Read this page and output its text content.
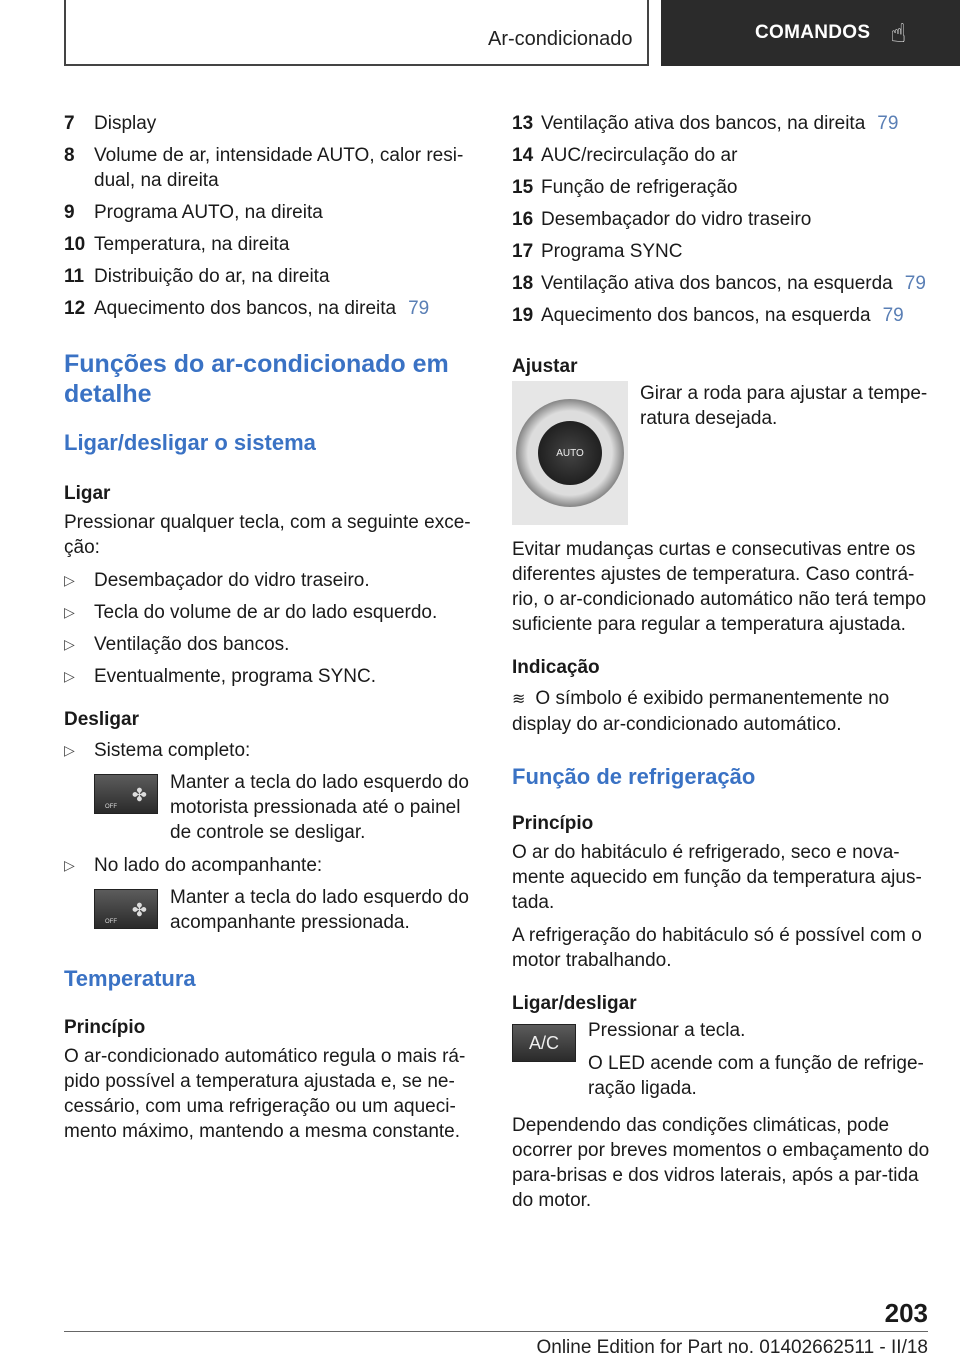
Ar-condicionado	COMANDOS ☝
7	Display
8	Volume de ar, intensidade AUTO, calor resi-dual, na direita
9	Programa AUTO, na direita
10 Temperatura, na direita
11 Distribuição do ar, na direita
12 Aquecimento dos bancos, na direita 79
Funções do ar-condicionado em detalhe
Ligar/desligar o sistema
Ligar
Pressionar qualquer tecla, com a seguinte exce-ção:
▷	Desembaçador do vidro traseiro.
▷	Tecla do volume de ar do lado esquerdo.
▷	Ventilação dos bancos.
▷	Eventualmente, programa SYNC.
Desligar
▷	Sistema completo:
OFF
✤
Manter a tecla do lado esquerdo do motorista pressionada até o painel de controle se desligar.
▷	No lado do acompanhante:
OFF
✤
Manter a tecla do lado esquerdo do acompanhante pressionada.
Temperatura
Princípio
O ar-condicionado automático regula o mais rá-pido possível a temperatura ajustada e, se ne-cessário, com uma refrigeração ou um aqueci-mento máximo, mantendo a mesma constante.
13 Ventilação ativa dos bancos, na direita 79
14 AUC/recirculação do ar
15 Função de refrigeração
16 Desembaçador do vidro traseiro
17 Programa SYNC
18 Ventilação ativa dos bancos, na esquerda 79
19 Aquecimento dos bancos, na esquerda 79
Ajustar
AUTO
Girar a roda para ajustar a tempe-ratura desejada.
Evitar mudanças curtas e consecutivas entre os diferentes ajustes de temperatura. Caso contrá-rio, o ar-condicionado automático não terá tempo suficiente para regular a temperatura ajustada.
Indicação
≋ O símbolo é exibido permanentemente no display do ar-condicionado automático.
Função de refrigeração
Princípio
O ar do habitáculo é refrigerado, seco e nova-mente aquecido em função da temperatura ajus-tada.
A refrigeração do habitáculo só é possível com o motor trabalhando.
Ligar/desligar
A/C
Pressionar a tecla.
O LED acende com a função de refrige-ração ligada.
Dependendo das condições climáticas, pode ocorrer por breves momentos o embaçamento do para-brisas e dos vidros laterais, após a par-tida do motor.
203
Online Edition for Part no. 01402662511 - II/18
